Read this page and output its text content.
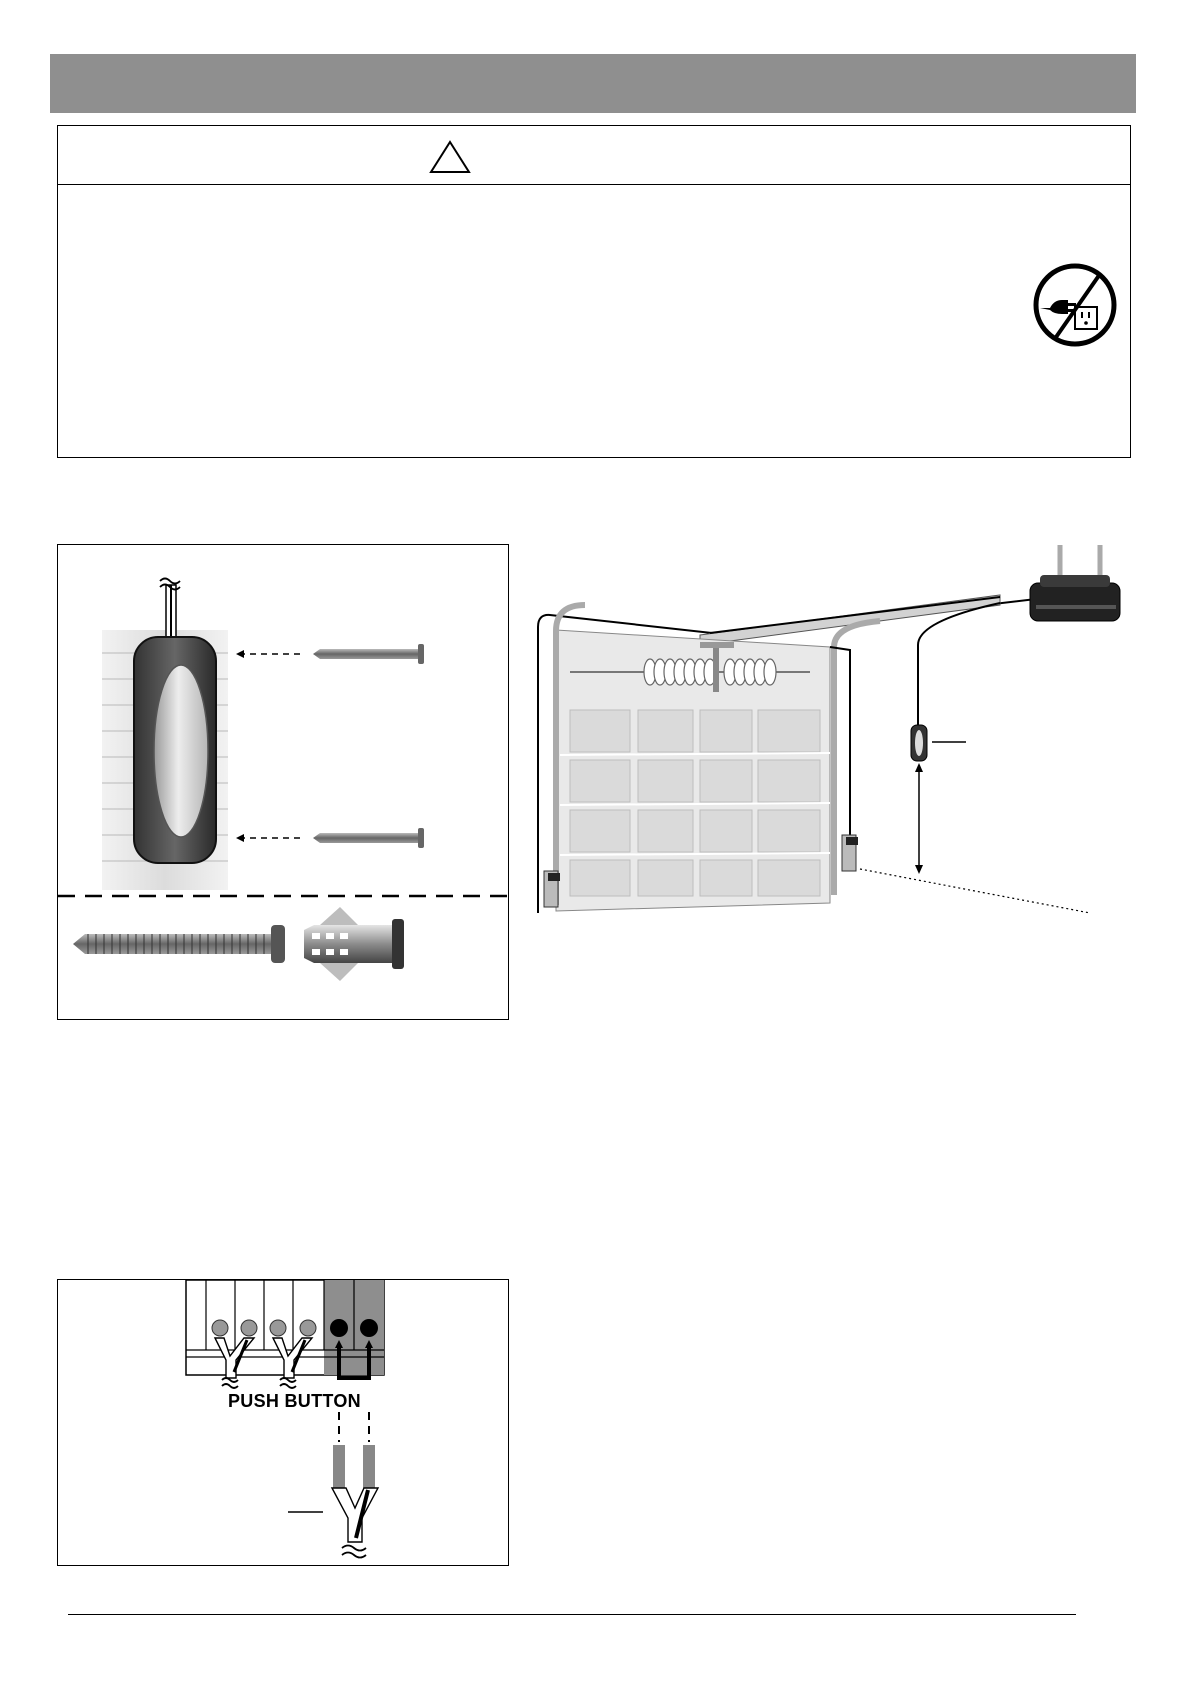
PUSH BUTTON
